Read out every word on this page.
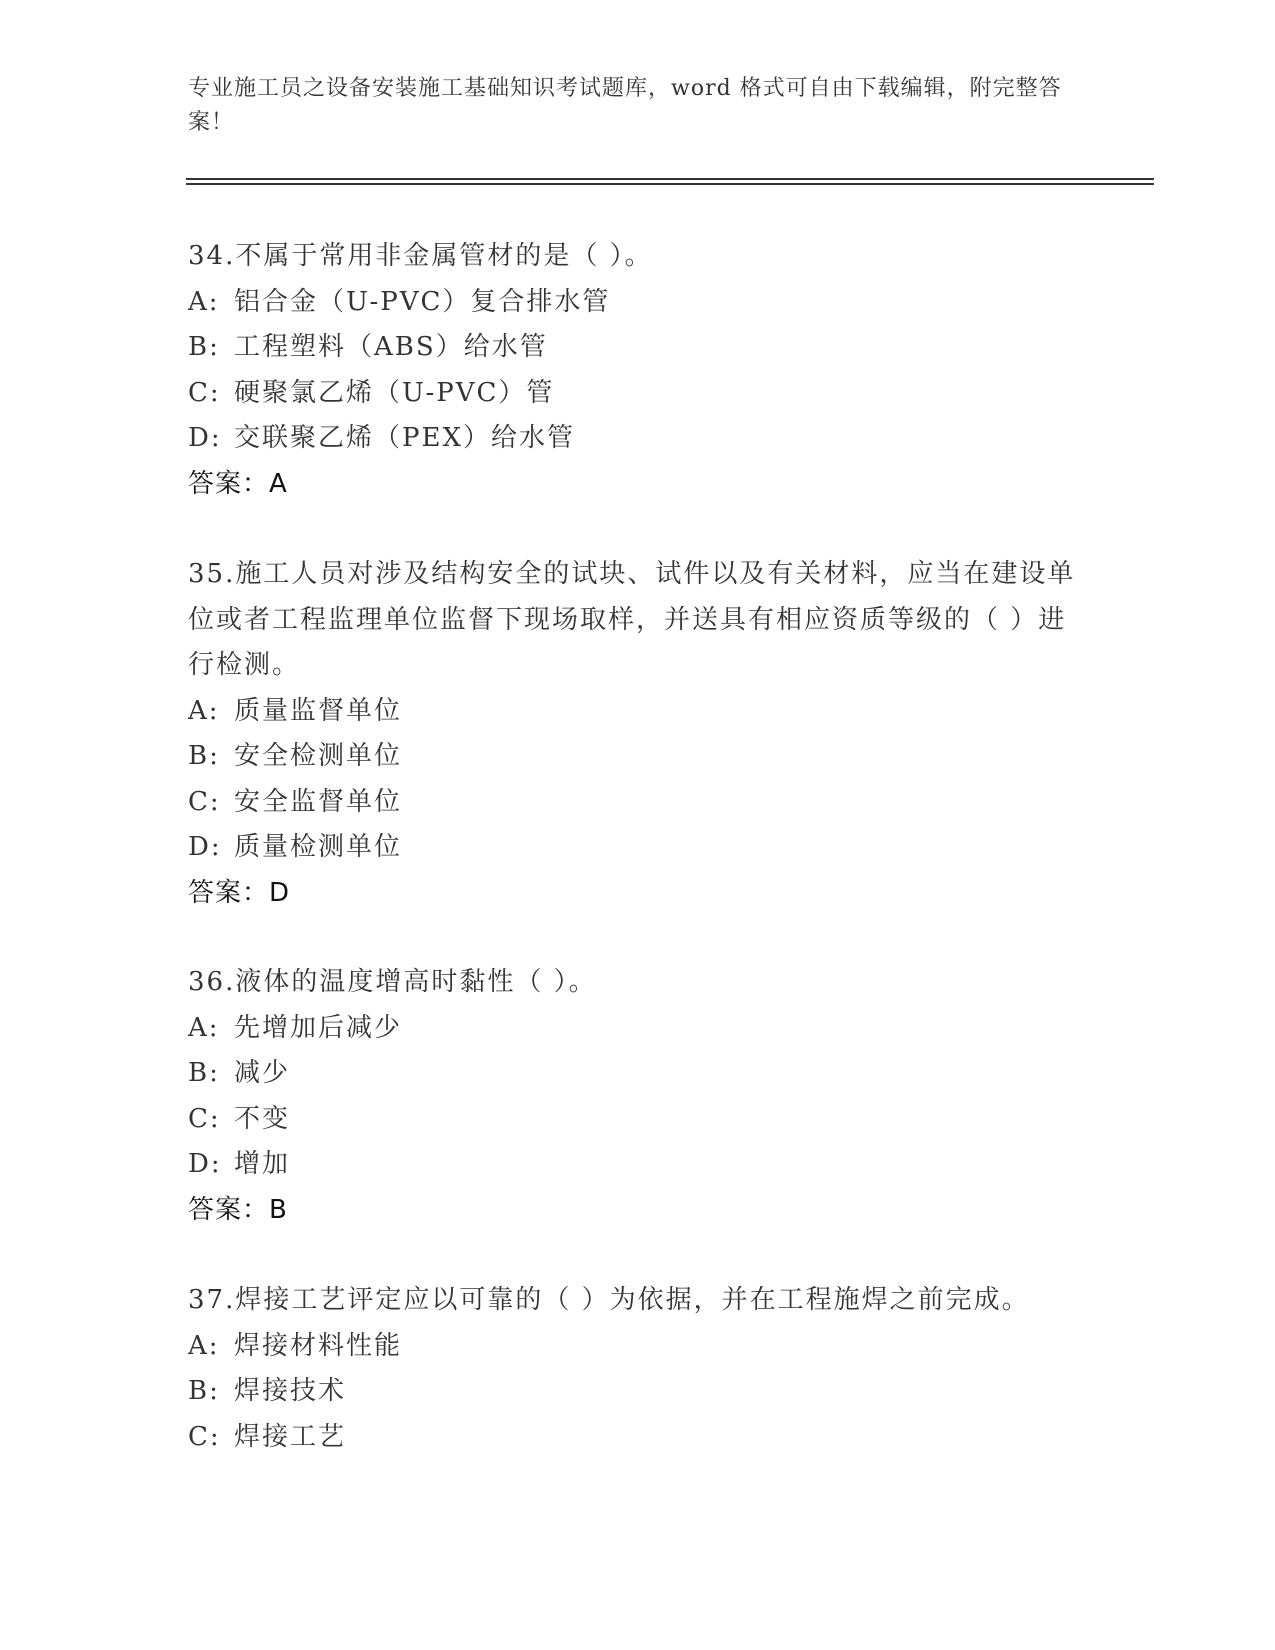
专业施工员之设备安装施工基础知识考试题库，word 格式可自由下载编辑，附完整答案！

34.不属于常用非金属管材的是（ ）。

A: 铝合金（U-PVC）复合排水管

B: 工程塑料（ABS）给水管

C: 硬聚氯乙烯（U-PVC）管

D: 交联聚乙烯（PEX）给水管

答案：A

35.施工人员对涉及结构安全的试块、试件以及有关材料，应当在建设单位或者工程监理单位监督下现场取样，并送具有相应资质等级的（ ）进行检测。

A: 质量监督单位

B: 安全检测单位

C: 安全监督单位

D: 质量检测单位

答案：D

36.液体的温度增高时黏性（ ）。

A: 先增加后减少

B: 减少

C: 不变

D: 增加

答案：B

37.焊接工艺评定应以可靠的（ ）为依据，并在工程施焊之前完成。

A: 焊接材料性能

B: 焊接技术

C: 焊接工艺
